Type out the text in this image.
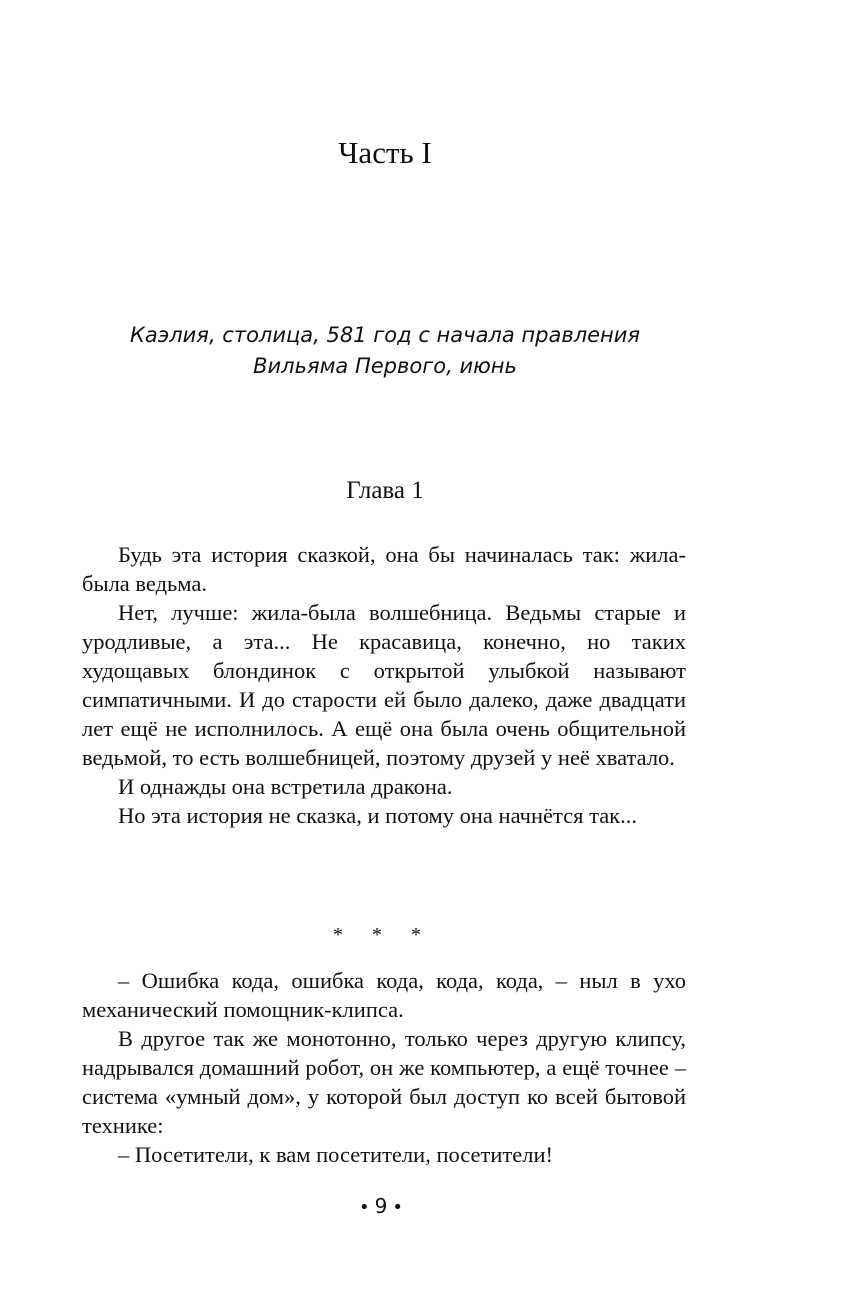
Часть I
Каэлия, столица, 581 год с начала правления
Вильяма Первого, июнь
Глава 1

Будь эта история сказкой, она бы начиналась так: жила-была ведьма.

Нет, лучше: жила-была волшебница. Ведьмы старые и уродливые, а эта... Не красавица, конечно, но таких худощавых блондинок с открытой улыбкой называют симпатичными. И до старости ей было далеко, даже двадцати лет ещё не исполнилось. А ещё она была очень общительной ведьмой, то есть волшебницей, поэтому друзей у неё хватало.

И однажды она встретила дракона.

Но эта история не сказка, и потому она начнётся так...

* * *

– Ошибка кода, ошибка кода, кода, кода, – ныл в ухо механический помощник-клипса.

В другое так же монотонно, только через другую клипсу, надрывался домашний робот, он же компьютер, а ещё точнее – система «умный дом», у которой был доступ ко всей бытовой технике:

– Посетители, к вам посетители, посетители!

• 9 •
